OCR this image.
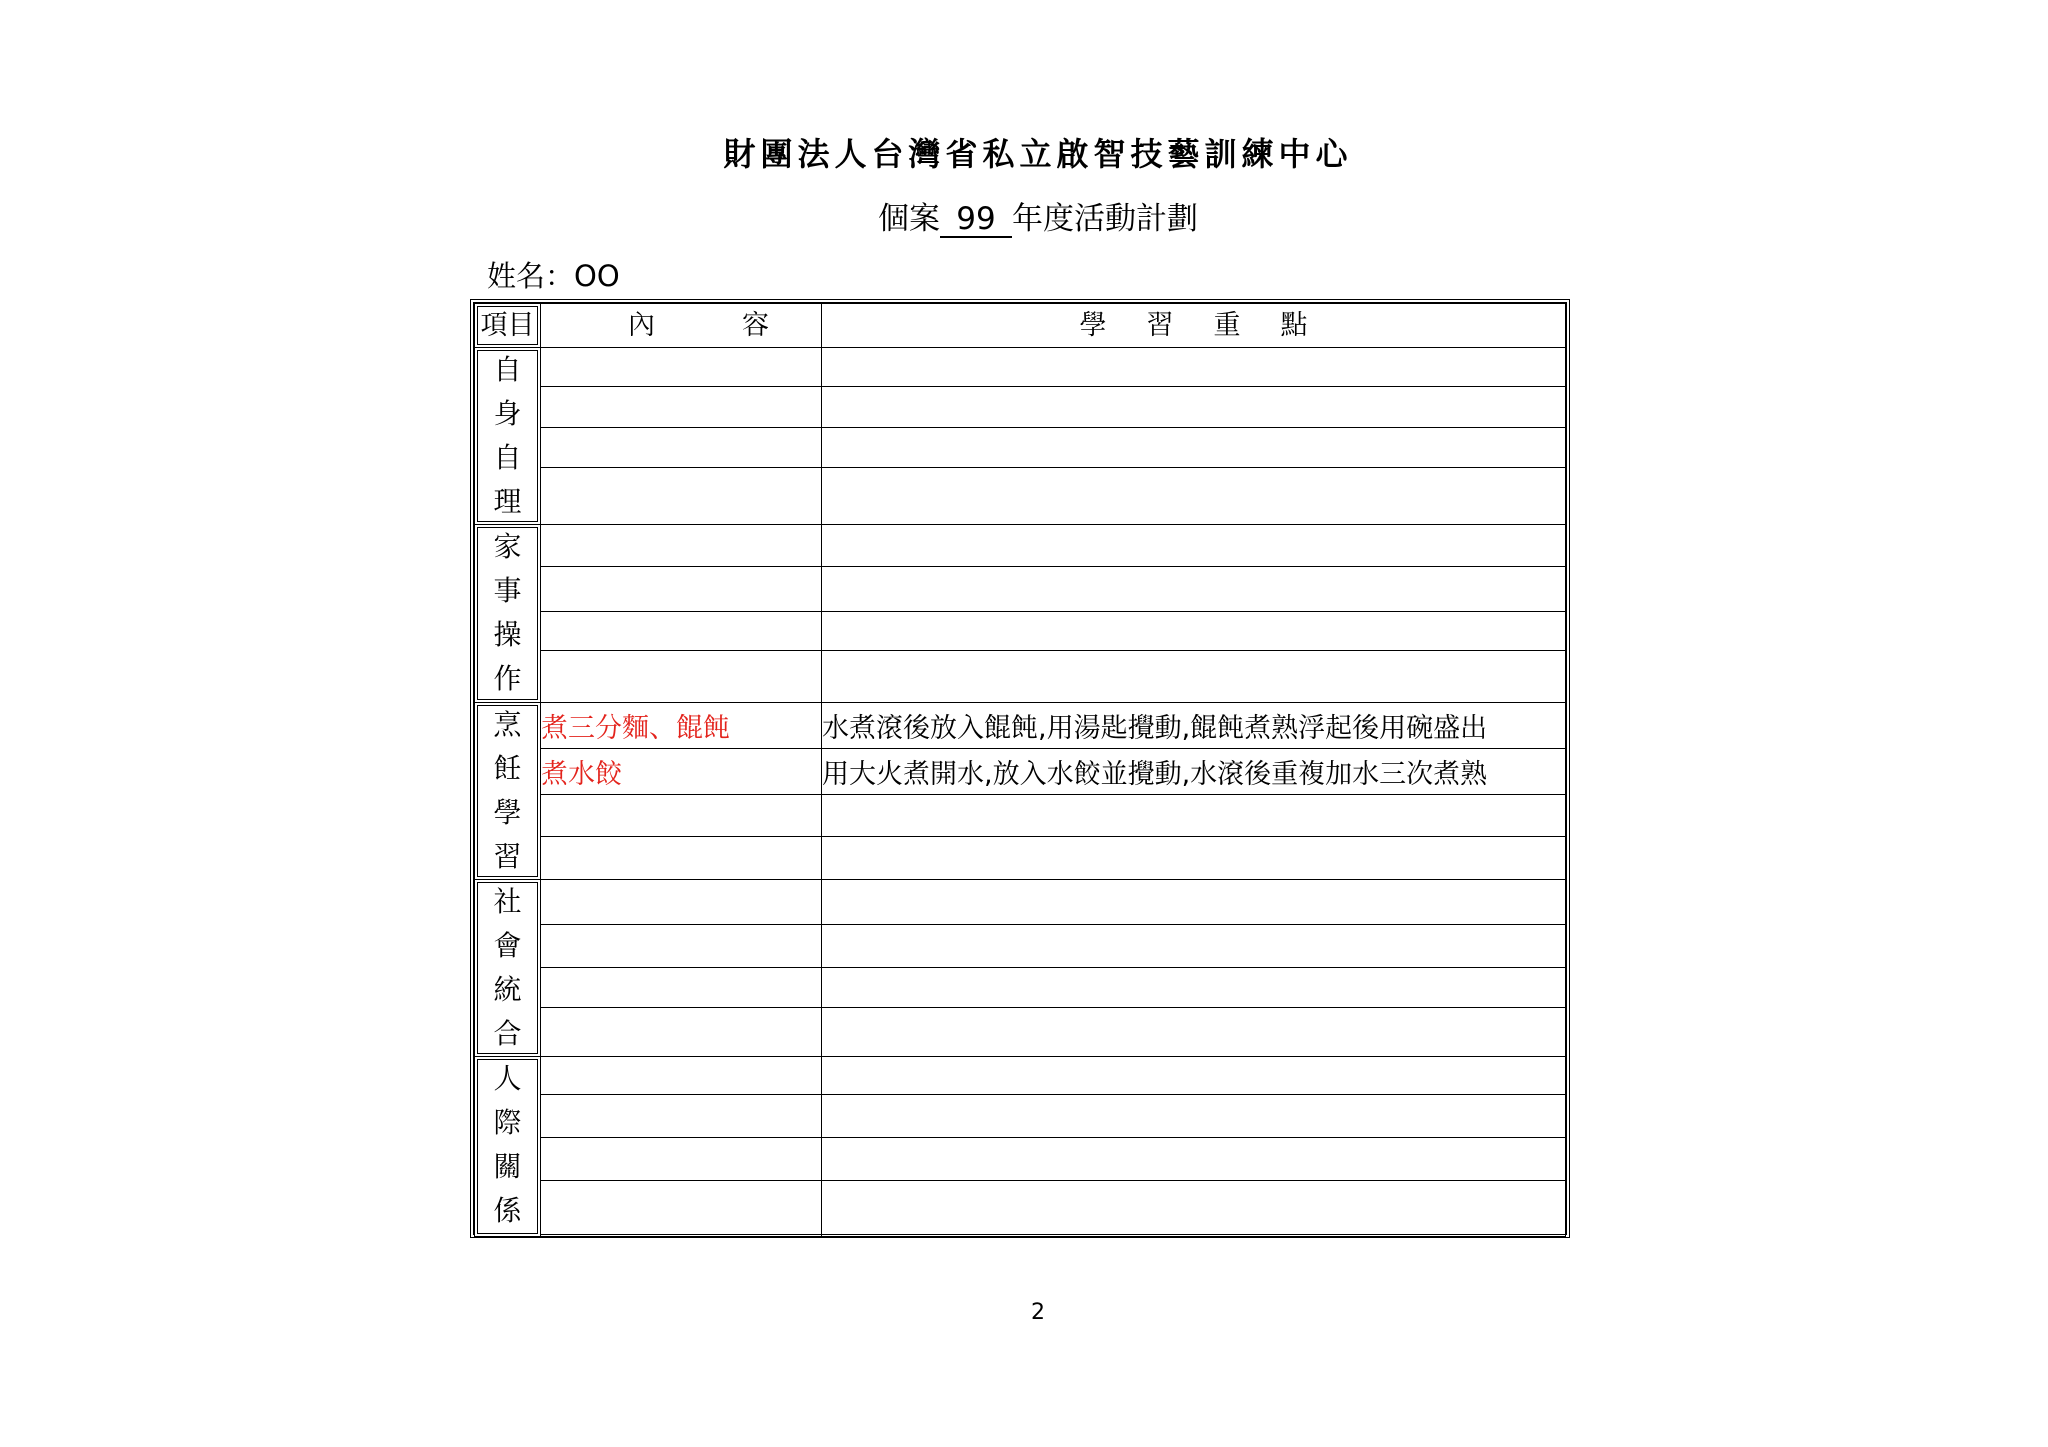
財團法人台灣省私立啟智技藝訓練中心
個案 99 年度活動計劃
姓名：OO
項目	內容	學習重點

自身自理		

家事操作		

烹飪學習	煮三分麵、餛飩	水煮滾後放入餛飩,用湯匙攪動,餛飩煮熟浮起後用碗盛出
	煮水餃	用大火煮開水,放入水餃並攪動,水滾後重複加水三次煮熟

社會統合		

人際關係		

2
